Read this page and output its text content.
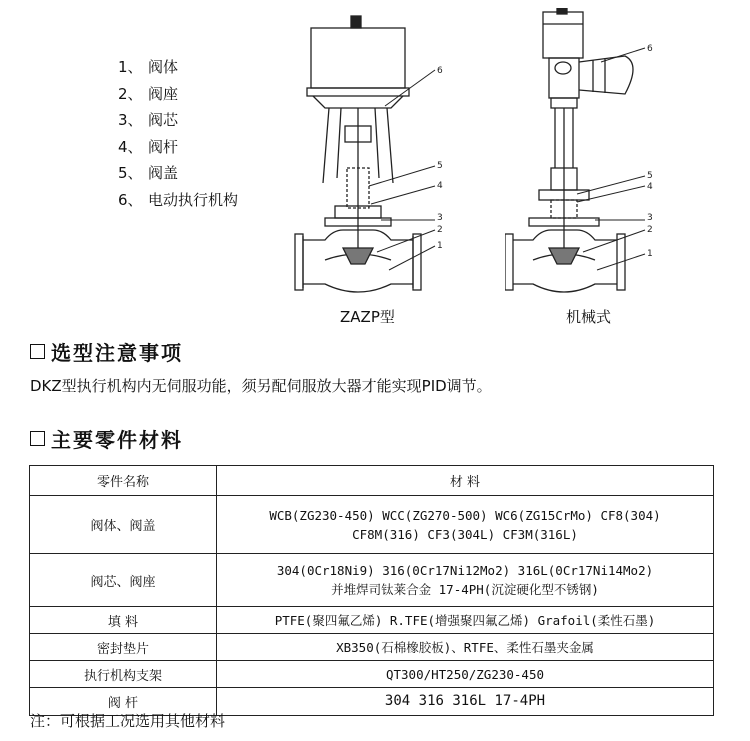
1、 阀体
2、 阀座
3、 阀芯
4、 阀杆
5、 阀盖
6、 电动执行机构
6
5
4
3
2
1
6
5
4
3
2
1
ZAZP型	机械式
选型注意事项
DKZ型执行机构内无伺服功能，须另配伺服放大器才能实现PID调节。
主要零件材料
零件名称	材 料
阀体、阀盖	WCB(ZG230-450) WCC(ZG270-500) WC6(ZG15CrMo) CF8(304)
CF8M(316) CF3(304L) CF3M(316L)

阀芯、阀座	304(0Cr18Ni9) 316(0Cr17Ni12Mo2) 316L(0Cr17Ni14Mo2)
并堆焊司钛莱合金 17-4PH(沉淀硬化型不锈钢)

填 料	PTFE(聚四氟乙烯) R.TFE(增强聚四氟乙烯) Grafoil(柔性石墨)
密封垫片	XB350(石棉橡胶板)、RTFE、柔性石墨夹金属
执行机构支架	QT300/HT250/ZG230-450
阀 杆	304 316 316L 17-4PH
注：可根据工况选用其他材料
